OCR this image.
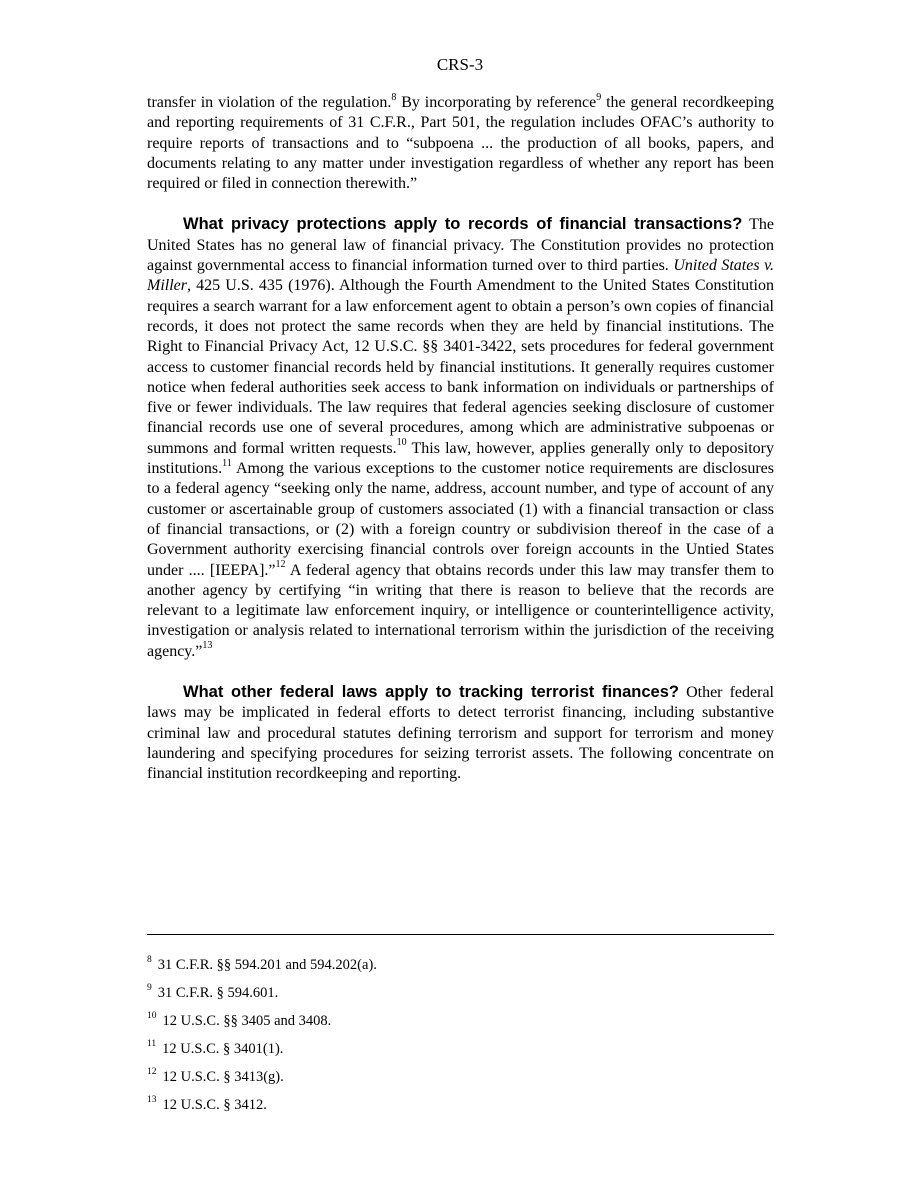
CRS-3

transfer in violation of the regulation.$^8$ By incorporating by reference$^9$ the general recordkeeping and reporting requirements of 31 C.F.R., Part 501, the regulation includes OFAC’s authority to require reports of transactions and to “subpoena ... the production of all books, papers, and documents relating to any matter under investigation regardless of whether any report has been required or filed in connection therewith.”

What privacy protections apply to records of financial transactions? The United States has no general law of financial privacy. The Constitution provides no protection against governmental access to financial information turned over to third parties. United States v. Miller, 425 U.S. 435 (1976). Although the Fourth Amendment to the United States Constitution requires a search warrant for a law enforcement agent to obtain a person’s own copies of financial records, it does not protect the same records when they are held by financial institutions. The Right to Financial Privacy Act, 12 U.S.C. §§ 3401-3422, sets procedures for federal government access to customer financial records held by financial institutions. It generally requires customer notice when federal authorities seek access to bank information on individuals or partnerships of five or fewer individuals. The law requires that federal agencies seeking disclosure of customer financial records use one of several procedures, among which are administrative subpoenas or summons and formal written requests.$^{10}$ This law, however, applies generally only to depository institutions.$^{11}$ Among the various exceptions to the customer notice requirements are disclosures to a federal agency “seeking only the name, address, account number, and type of account of any customer or ascertainable group of customers associated (1) with a financial transaction or class of financial transactions, or (2) with a foreign country or subdivision thereof in the case of a Government authority exercising financial controls over foreign accounts in the Untied States under .... [IEEPA].”$^{12}$ A federal agency that obtains records under this law may transfer them to another agency by certifying “in writing that there is reason to believe that the records are relevant to a legitimate law enforcement inquiry, or intelligence or counterintelligence activity, investigation or analysis related to international terrorism within the jurisdiction of the receiving agency.”$^{13}$

What other federal laws apply to tracking terrorist finances? Other federal laws may be implicated in federal efforts to detect terrorist financing, including substantive criminal law and procedural statutes defining terrorism and support for terrorism and money laundering and specifying procedures for seizing terrorist assets. The following concentrate on financial institution recordkeeping and reporting.

$^8$ 31 C.F.R. §§ 594.201 and 594.202(a).
$^9$ 31 C.F.R. § 594.601.
$^{10}$ 12 U.S.C. §§ 3405 and 3408.
$^{11}$ 12 U.S.C. § 3401(1).
$^{12}$ 12 U.S.C. § 3413(g).
$^{13}$ 12 U.S.C. § 3412.
